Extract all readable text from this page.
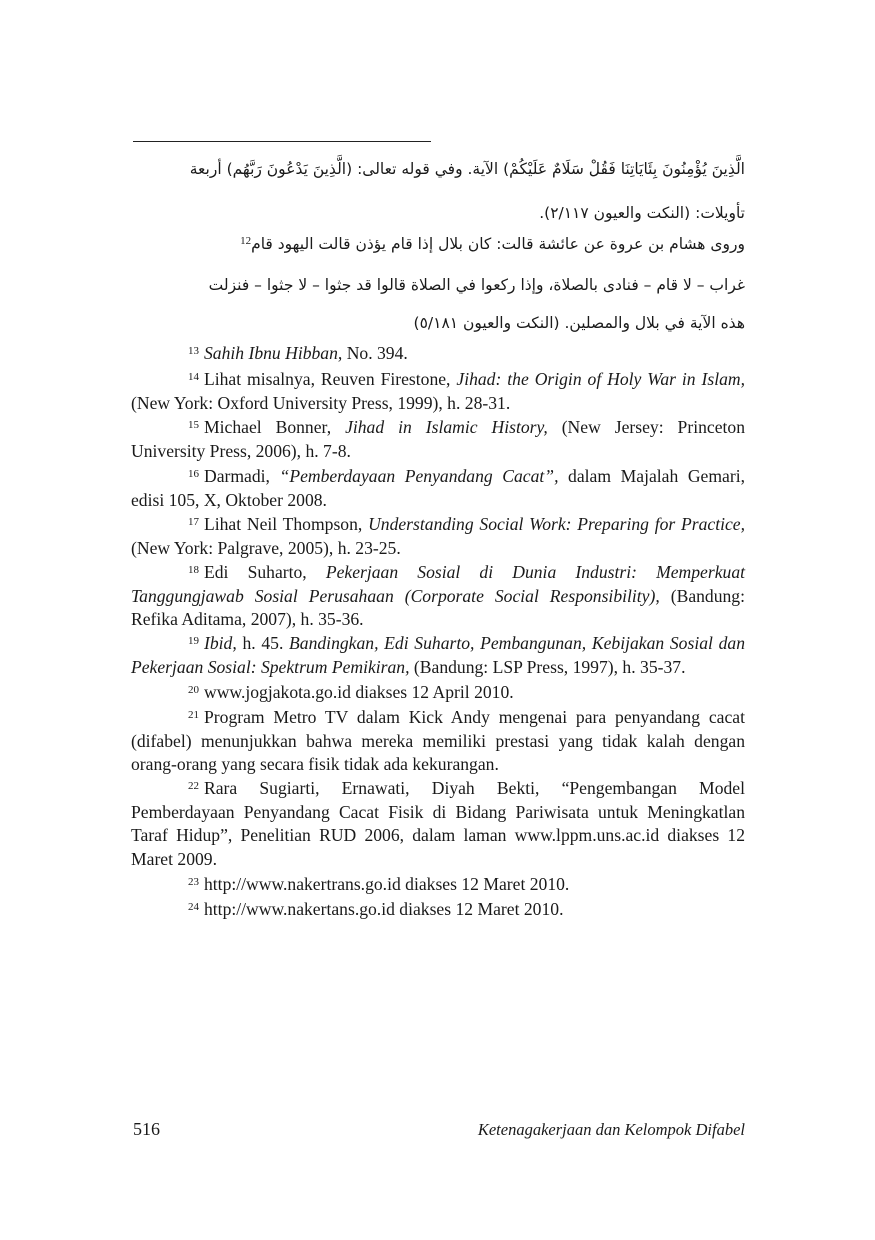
الَّذِينَ يُؤْمِنُونَ بِئَايَاتِنَا فَقُلْ سَلَامٌ عَلَيْكُمْ) الآية. وفي قوله تعالى: (الَّذِينَ يَدْعُونَ رَبَّهُم) أربعة

تأويلات: (النكت والعيون ٢/١١٧).

وروى هشام بن عروة عن عائشة قالت: كان بلال إذا قام يؤذن قالت اليهود قام$^{12}$

غراب – لا قام – فنادى بالصلاة، وإذا ركعوا في الصلاة قالوا قد جثوا – لا جثوا – فنزلت

هذه الآية في بلال والمصلين. (النكت والعيون ٥/١٨١)

$^{13}$ Sahih Ibnu Hibban, No. 394.

$^{14}$ Lihat misalnya, Reuven Firestone, Jihad: the Origin of Holy War in Islam, (New York: Oxford University Press, 1999), h. 28-31.

$^{15}$ Michael Bonner, Jihad in Islamic History, (New Jersey: Princeton University Press, 2006), h. 7-8.

$^{16}$ Darmadi, “Pemberdayaan Penyandang Cacat”, dalam Majalah Gemari, edisi 105, X, Oktober 2008.

$^{17}$ Lihat Neil Thompson, Understanding Social Work: Preparing for Practice, (New York: Palgrave, 2005), h. 23-25.

$^{18}$ Edi Suharto, Pekerjaan Sosial di Dunia Industri: Memperkuat Tanggungjawab Sosial Perusahaan (Corporate Social Responsibility), (Bandung: Refika Aditama, 2007), h. 35-36.

$^{19}$ Ibid, h. 45. Bandingkan, Edi Suharto, Pembangunan, Kebijakan Sosial dan Pekerjaan Sosial: Spektrum Pemikiran, (Bandung: LSP Press, 1997), h. 35-37.

$^{20}$ www.jogjakota.go.id diakses 12 April 2010.

$^{21}$ Program Metro TV dalam Kick Andy mengenai para penyandang cacat (difabel) menunjukkan bahwa mereka memiliki prestasi yang tidak kalah dengan orang-orang yang secara fisik tidak ada kekurangan.

$^{22}$ Rara Sugiarti, Ernawati, Diyah Bekti, “Pengembangan Model Pemberdayaan Penyandang Cacat Fisik di Bidang Pariwisata untuk Meningkatlan Taraf Hidup”, Penelitian RUD 2006, dalam laman www.lppm.uns.ac.id diakses 12 Maret 2009.

$^{23}$ http://www.nakertrans.go.id diakses 12 Maret 2010.

$^{24}$ http://www.nakertans.go.id diakses 12 Maret 2010.

516	Ketenagakerjaan dan Kelompok Difabel
